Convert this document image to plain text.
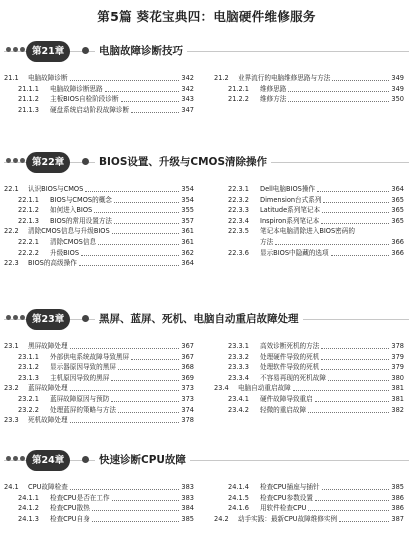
第5篇 葵花宝典四：电脑硬件维修服务
第21章	电脑故障诊断技巧
21.1 电脑故障诊断	342
21.1.1 电脑故障诊断思路	342
21.1.2 主板BIOS自检阶段诊断	343
21.1.3 硬盘系统启动阶段故障诊断	347
21.2 业界流行的电脑维修思路与方法	349
21.2.1 维修思路	349
21.2.2 维修方法	350
第22章	BIOS设置、升级与CMOS清除操作
22.1 认识BIOS与CMOS	354
22.1.1 BIOS与CMOS的概念	354
22.1.2 如何进入BIOS	355
22.1.3 BIOS的常用设置方法	357
22.2 清除CMOS信息与升级BIOS	361
22.2.1 清除CMOS信息	361
22.2.2 升级BIOS	362
22.3 BIOS的高级操作	364
22.3.1 Dell电脑BIOS操作	364
22.3.2 Dimension台式系列	365
22.3.3 Latitude系列笔记本	365
22.3.4 Inspiron系列笔记本	365
22.3.5 笔记本电脑清除进入BIOS密码的
方法	366
22.3.6 显示BIOS中隐藏的选项	366
第23章	黑屏、蓝屏、死机、电脑自动重启故障处理
23.1 黑屏故障处理	367
23.1.1 外部供电系统故障导致黑屏	367
23.1.2 显示器原因导致的黑屏	368
23.1.3 主机原因导致的黑屏	369
23.2 蓝屏故障处理	373
23.2.1 蓝屏故障原因与预防	373
23.2.2 处理蓝屏的策略与方法	374
23.3 死机故障处理	378
23.3.1 高效诊断死机的方法	378
23.3.2 处理硬件导致的死机	379
23.3.3 处理软件导致的死机	379
23.3.4 不容易再现的死机故障	380
23.4 电脑自动重启故障	381
23.4.1 硬件故障导致重启	381
23.4.2 轻微的重启故障	382
第24章	快速诊断CPU故障
24.1 CPU故障检查	383
24.1.1 检查CPU是否在工作	383
24.1.2 检查CPU散热	384
24.1.3 检查CPU自身	385
24.1.4 检查CPU插座与插针	385
24.1.5 检查CPU参数设置	386
24.1.6 用软件检查CPU	386
24.2 动手实践：最新CPU故障维修实例	387
